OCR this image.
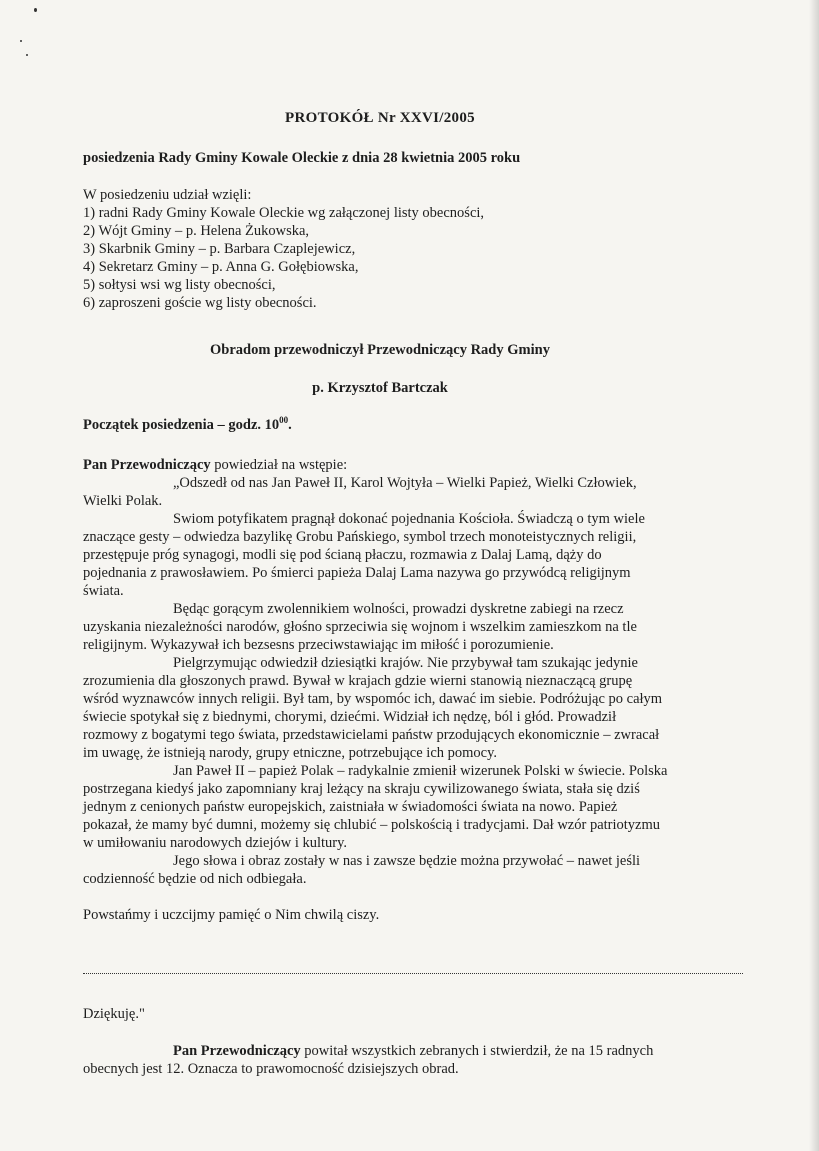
PROTOKÓŁ Nr XXVI/2005
posiedzenia Rady Gminy Kowale Oleckie z dnia 28 kwietnia 2005 roku
W posiedzeniu udział wzięli:
1) radni Rady Gminy Kowale Oleckie wg załączonej listy obecności,
2) Wójt Gminy – p. Helena Żukowska,
3) Skarbnik Gminy – p. Barbara Czaplejewicz,
4) Sekretarz Gminy – p. Anna G. Gołębiowska,
5) sołtysi wsi wg listy obecności,
6) zaproszeni goście wg listy obecności.
Obradom przewodniczył Przewodniczący Rady Gminy
p. Krzysztof Bartczak
Początek posiedzenia – godz. $10^{00}$.
Pan Przewodniczący powiedział na wstępie:
„Odszedł od nas Jan Paweł II, Karol Wojtyła – Wielki Papież, Wielki Człowiek,
Wielki Polak.
Swiom potyfikatem pragnął dokonać pojednania Kościoła. Świadczą o tym wiele
znaczące gesty – odwiedza bazylikę Grobu Pańskiego, symbol trzech monoteistycznych religii,
przestępuje próg synagogi, modli się pod ścianą płaczu, rozmawia z Dalaj Lamą, dąży do
pojednania z prawosławiem. Po śmierci papieża Dalaj Lama nazywa go przywódcą religijnym
świata.
Będąc gorącym zwolennikiem wolności, prowadzi dyskretne zabiegi na rzecz
uzyskania niezależności narodów, głośno sprzeciwia się wojnom i wszelkim zamieszkom na tle
religijnym. Wykazywał ich bezsesns przeciwstawiając im miłość i porozumienie.
Pielgrzymując odwiedził dziesiątki krajów. Nie przybywał tam szukając jedynie
zrozumienia dla głoszonych prawd. Bywał w krajach gdzie wierni stanowią nieznaczącą grupę
wśród wyznawców innych religii. Był tam, by wspomóc ich, dawać im siebie. Podróżując po całym
świecie spotykał się z biednymi, chorymi, dziećmi. Widział ich nędzę, ból i głód. Prowadził
rozmowy z bogatymi tego świata, przedstawicielami państw przodujących ekonomicznie – zwracał
im uwagę, że istnieją narody, grupy etniczne, potrzebujące ich pomocy.
Jan Paweł II – papież Polak – radykalnie zmienił wizerunek Polski w świecie. Polska
postrzegana kiedyś jako zapomniany kraj leżący na skraju cywilizowanego świata, stała się dziś
jednym z cenionych państw europejskich, zaistniała w świadomości świata na nowo. Papież
pokazał, że mamy być dumni, możemy się chlubić – polskością i tradycjami. Dał wzór patriotyzmu
w umiłowaniu narodowych dziejów i kultury.
Jego słowa i obraz zostały w nas i zawsze będzie można przywołać – nawet jeśli
codzienność będzie od nich odbiegała.
Powstańmy i uczcijmy pamięć o Nim chwilą ciszy.
Dziękuję."
Pan Przewodniczący powitał wszystkich zebranych i stwierdził, że na 15 radnych
obecnych jest 12. Oznacza to prawomocność dzisiejszych obrad.
